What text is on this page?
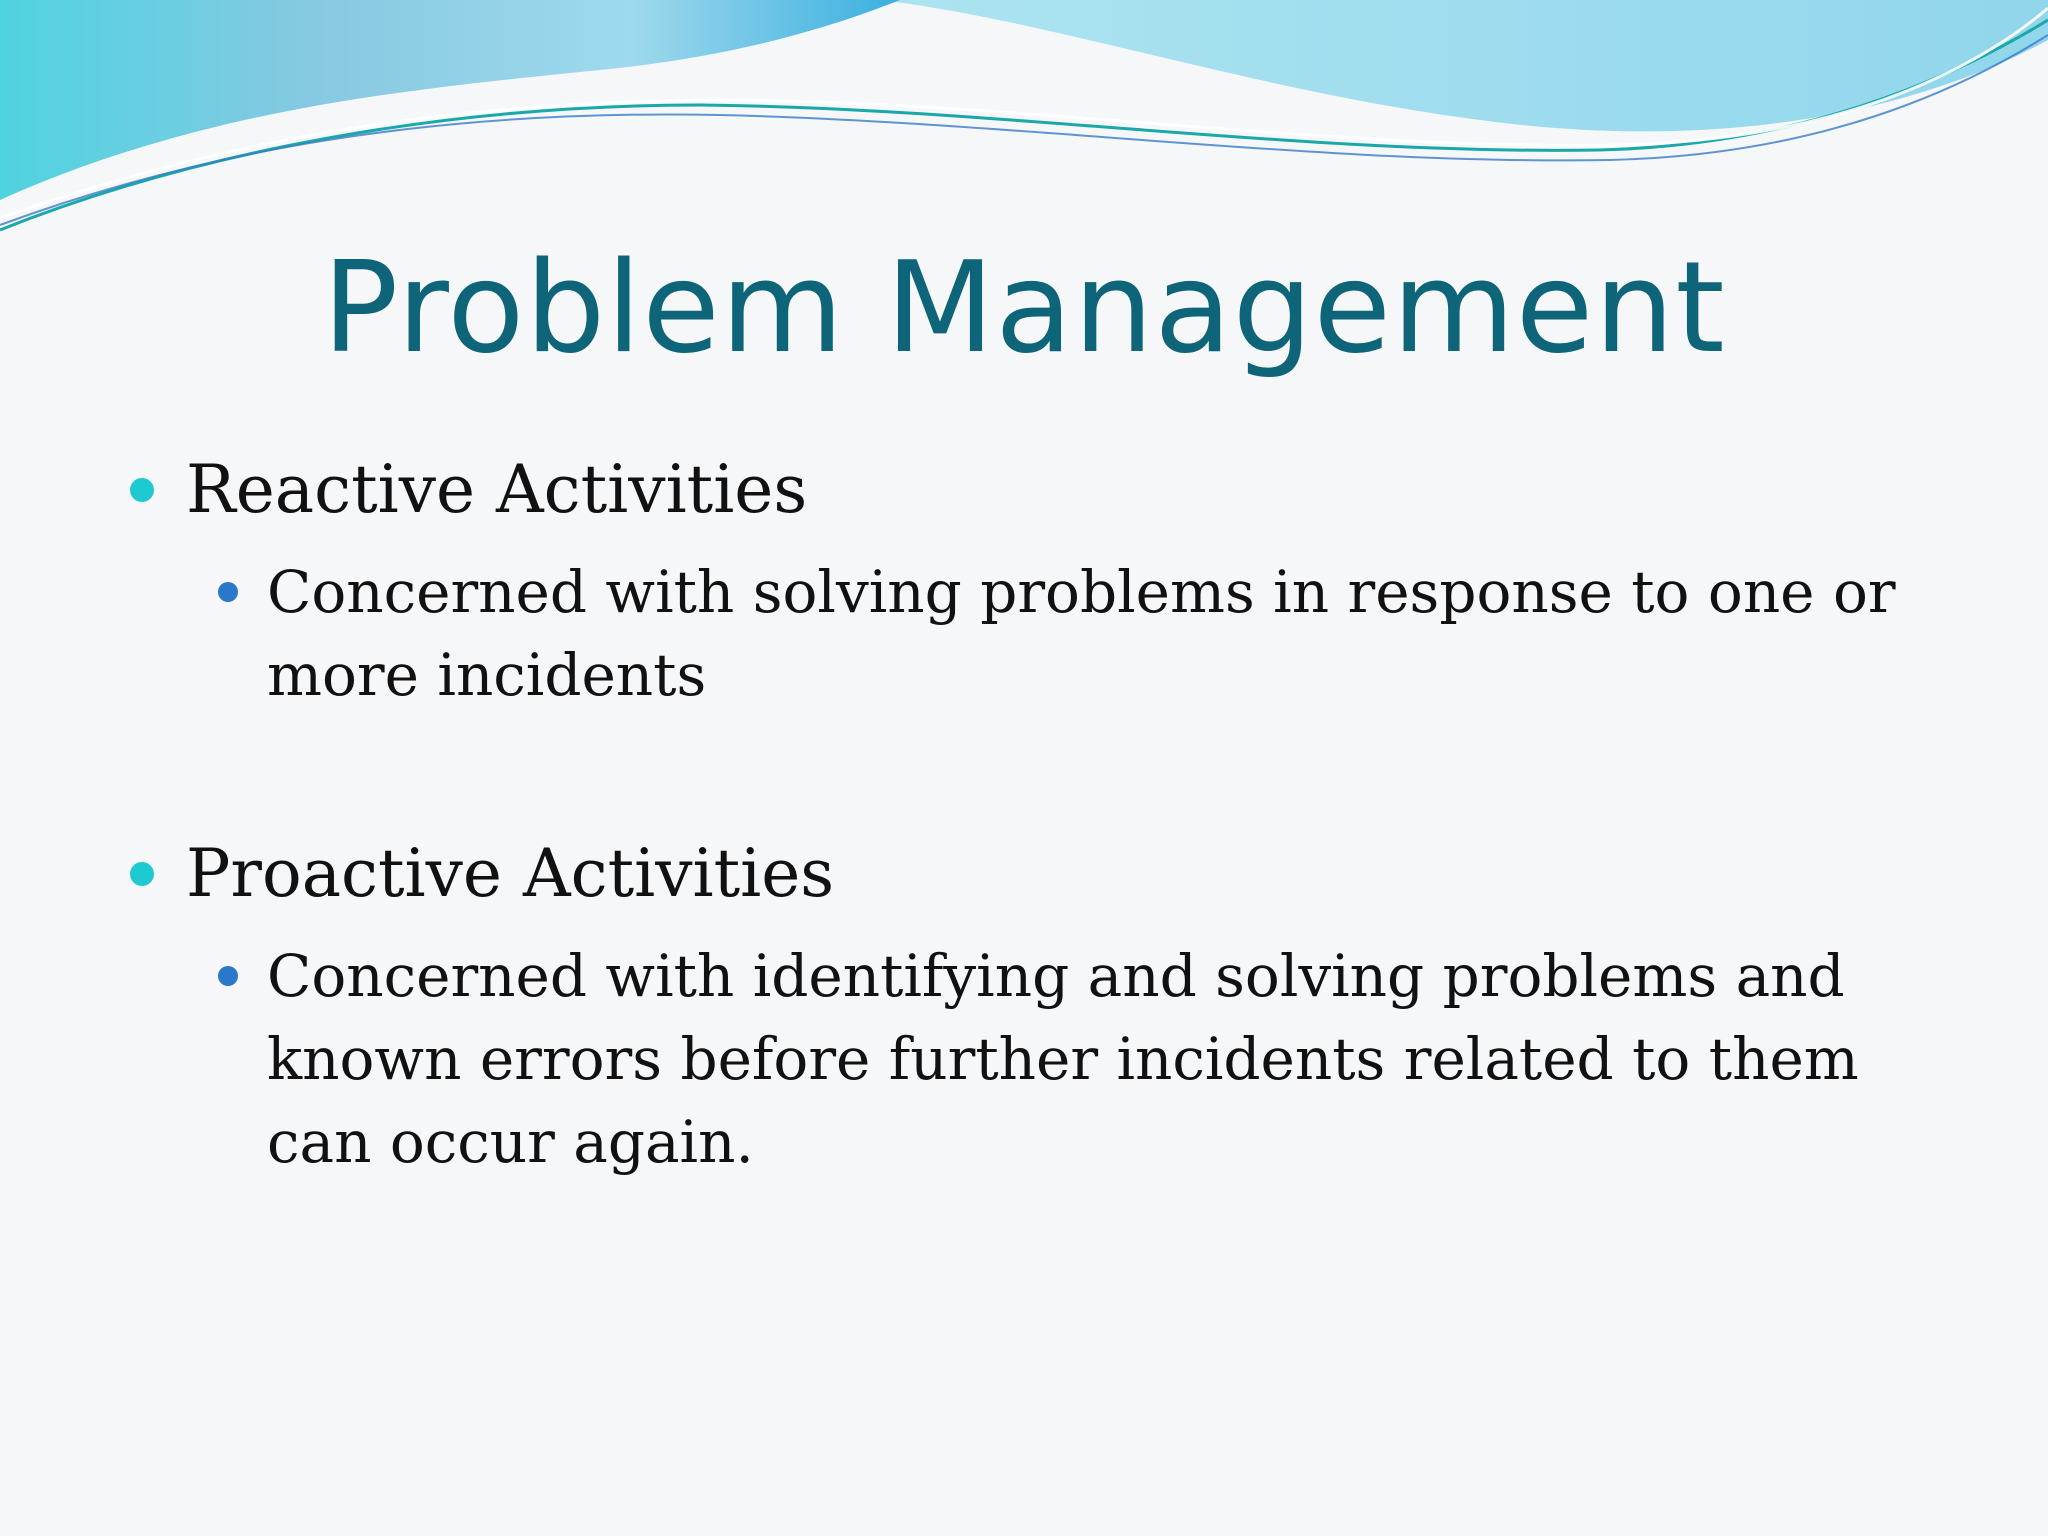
Problem Management

Reactive Activities

Concerned with solving problems in response to one or more incidents

Proactive Activities

Concerned with identifying and solving problems and known errors before further incidents related to them can occur again.
